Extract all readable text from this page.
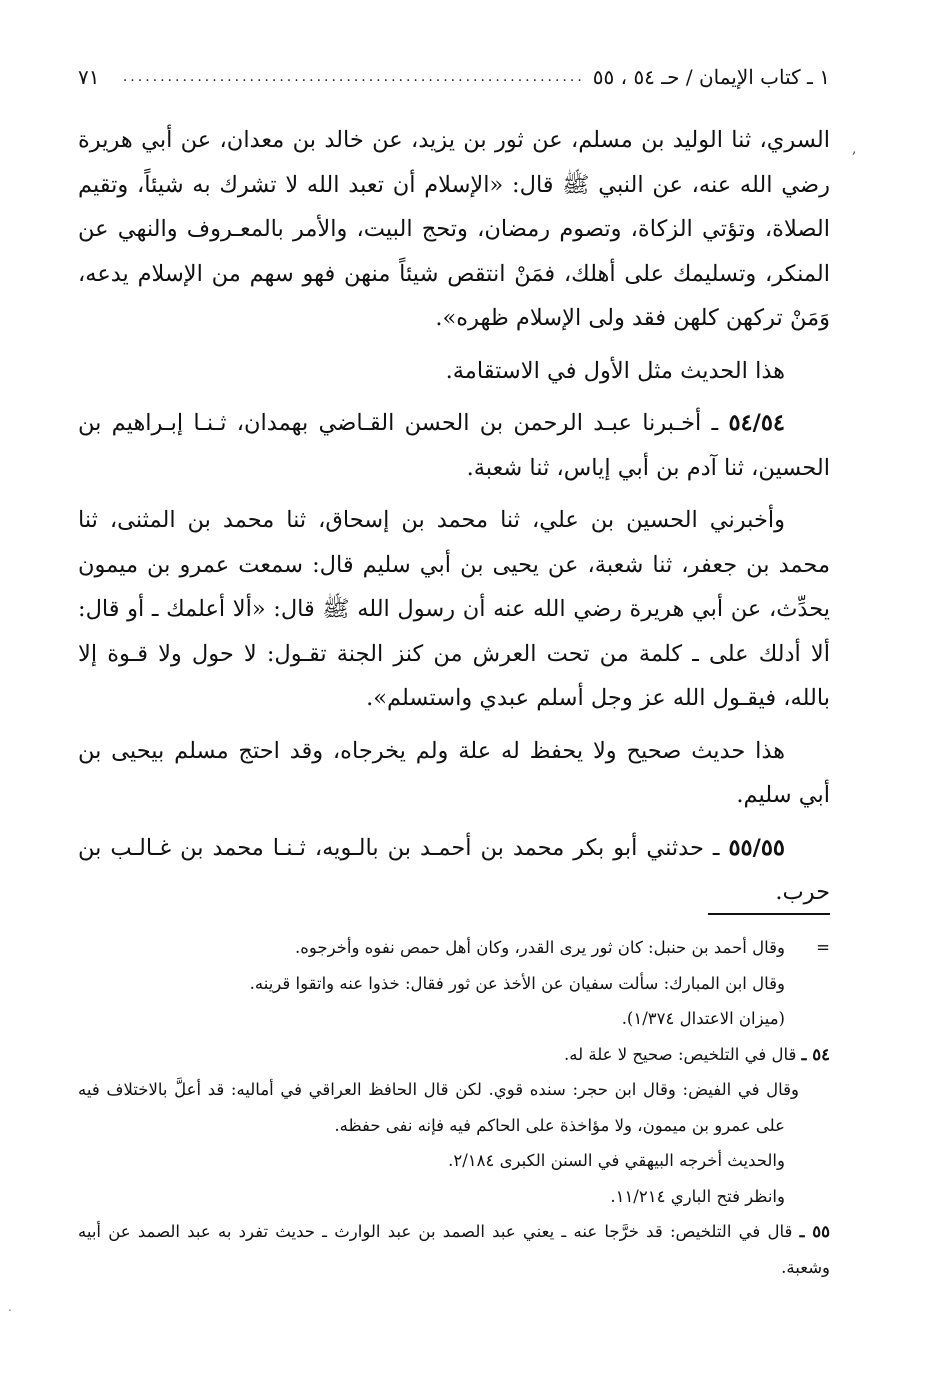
١ ـ كتاب الإيمان / حـ ٥٤ ، ٥٥
..............................................................
٧١
,

السري، ثنا الوليد بن مسلم، عن ثور بن يزيد، عن خالد بن معدان، عن أبي هريرة رضي الله عنه، عن النبي ﷺ قال: «الإسلام أن تعبد الله لا تشرك به شيئاً، وتقيم الصلاة، وتؤتي الزكاة، وتصوم رمضان، وتحج البيت، والأمر بالمعـروف والنهي عن المنكر، وتسليمك على أهلك، فمَنْ انتقص شيئاً منهن فهو سهم من الإسلام يدعه، وَمَنْ تركهن كلهن فقد ولى الإسلام ظهره».

هذا الحديث مثل الأول في الاستقامة.

٥٤/٥٤ ـ أخـبرنا عبـد الرحمن بن الحسن القـاضي بهمدان، ثـنـا إبـراهيم بن الحسين، ثنا آدم بن أبي إياس، ثنا شعبة.

وأخبرني الحسين بن علي، ثنا محمد بن إسحاق، ثنا محمد بن المثنى، ثنا محمد بن جعفر، ثنا شعبة، عن يحيى بن أبي سليم قال: سمعت عمرو بن ميمون يحدِّث، عن أبي هريرة رضي الله عنه أن رسول الله ﷺ قال: «ألا أعلمك ـ أو قال: ألا أدلك على ـ كلمة من تحت العرش من كنز الجنة تقـول: لا حول ولا قـوة إلا بالله، فيقـول الله عز وجل أسلم عبدي واستسلم».

هذا حديث صحيح ولا يحفظ له علة ولم يخرجاه، وقد احتج مسلم بيحيى بن أبي سليم.

٥٥/٥٥ ـ حدثني أبو بكر محمد بن أحمـد بن بالـويه، ثـنـا محمد بن غـالـب بن حرب.

=وقال أحمد بن حنبل: كان ثور يرى القدر، وكان أهل حمص نفوه وأخرجوه.

وقال ابن المبارك: سألت سفيان عن الأخذ عن ثور فقال: خذوا عنه واتقوا قرينه.

(ميزان الاعتدال ١/٣٧٤).

٥٤ ـ قال في التلخيص: صحيح لا علة له.

وقال في الفيض: وقال ابن حجر: سنده قوي. لكن قال الحافظ العراقي في أماليه: قد أعلَّ بالاختلاف فيه على عمرو بن ميمون، ولا مؤاخذة على الحاكم فيه فإنه نفى حفظه.

والحديث أخرجه البيهقي في السنن الكبرى ٢/١٨٤.

وانظر فتح الباري ١١/٢١٤.

٥٥ ـ قال في التلخيص: قد خرَّجا عنه ـ يعني عبد الصمد بن عبد الوارث ـ حديث تفرد به عبد الصمد عن أبيه وشعبة.

.
